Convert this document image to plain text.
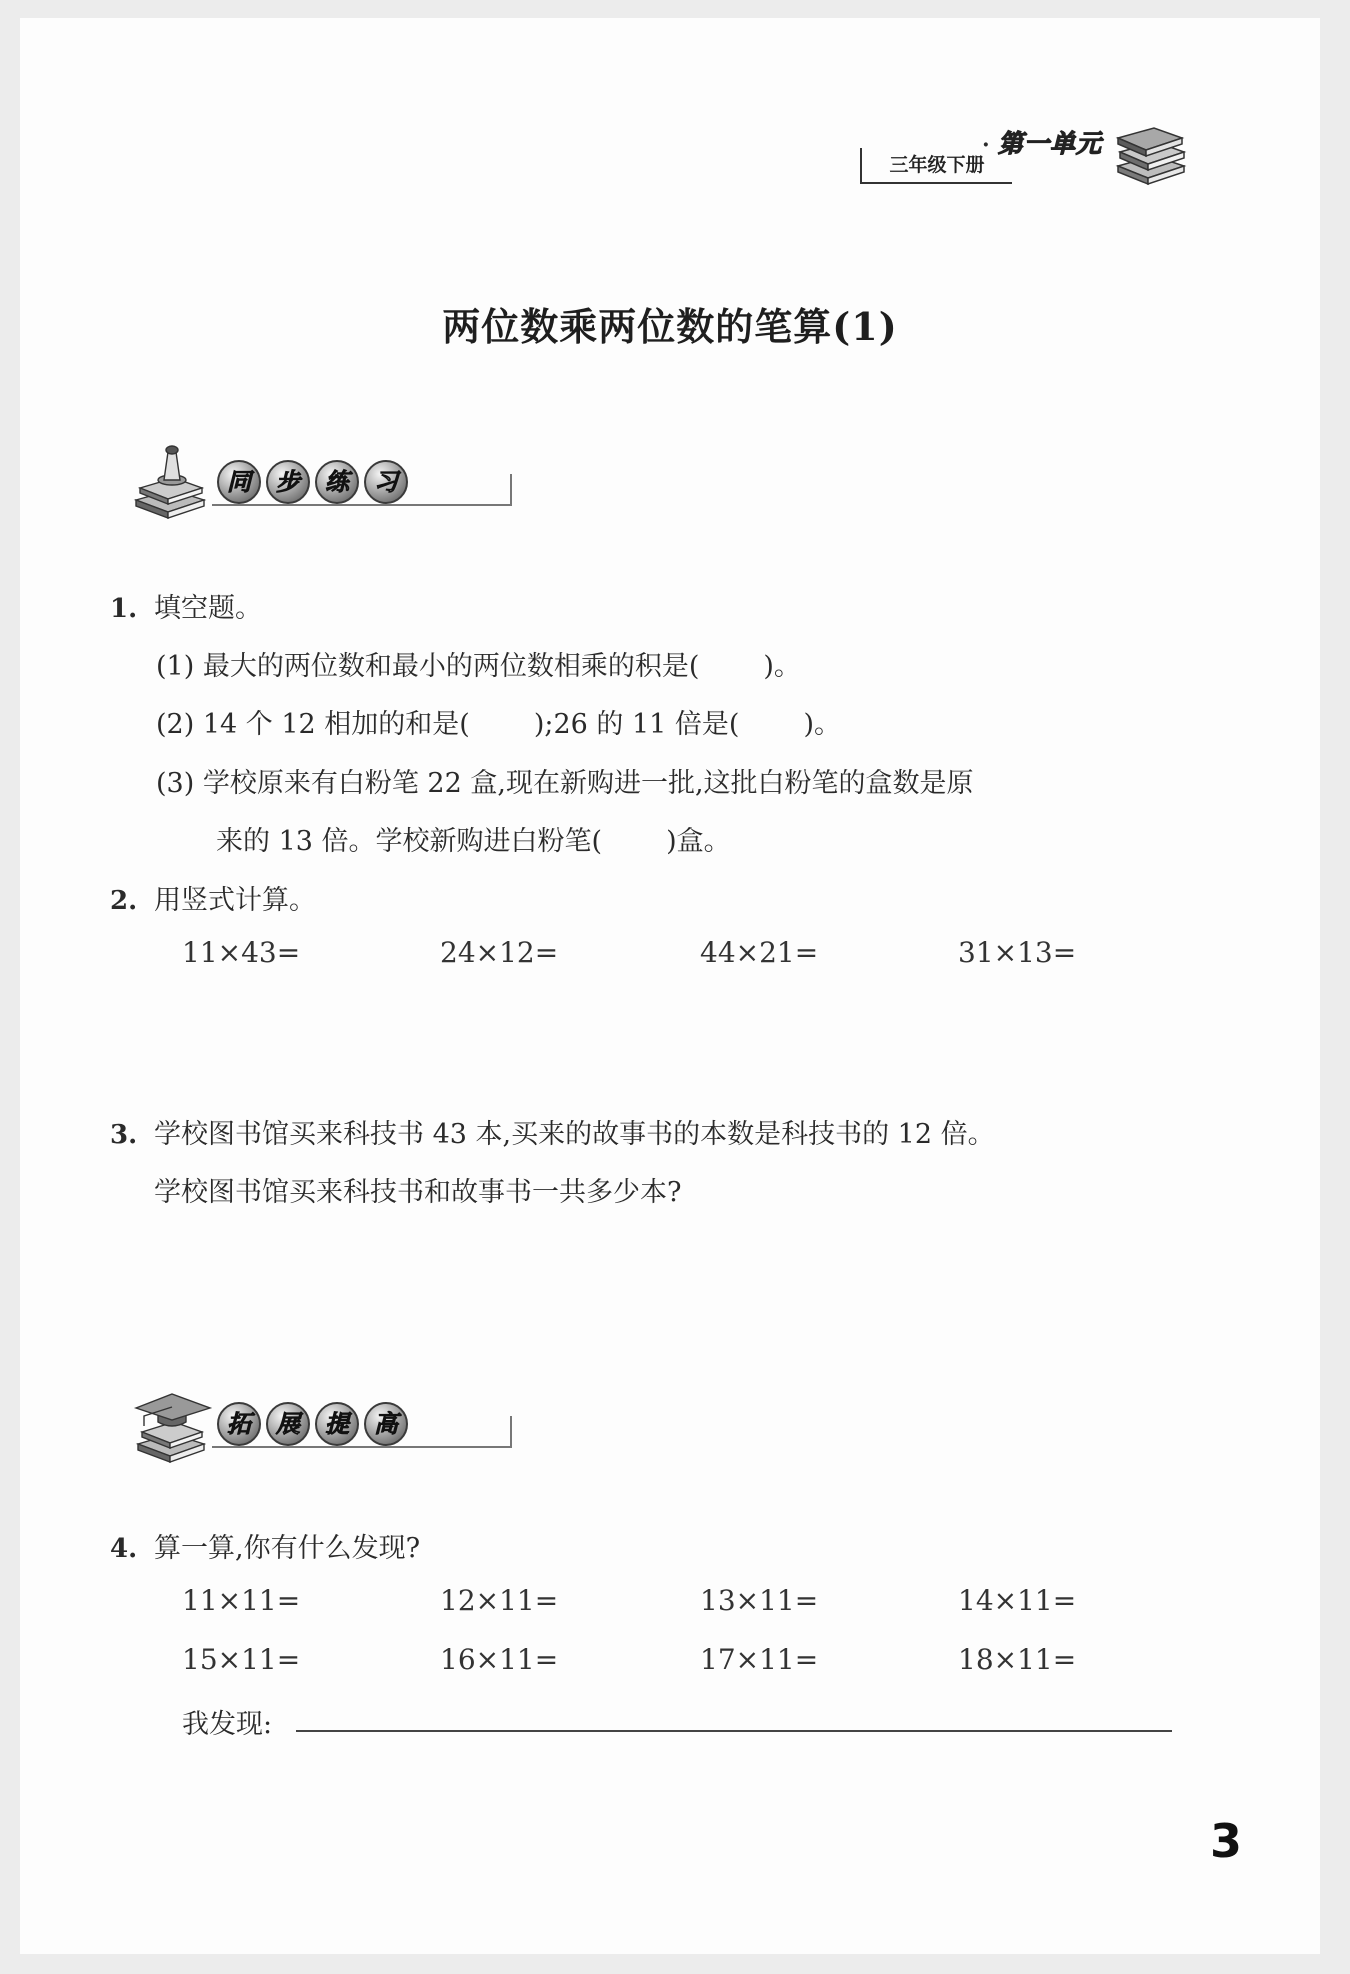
三年级下册
· 第一单元
两位数乘两位数的笔算(1)
同	步	练	习
1. 填空题。
(1) 最大的两位数和最小的两位数相乘的积是( )。
(2) 14 个 12 相加的和是( );26 的 11 倍是( )。
(3) 学校原来有白粉笔 22 盒,现在新购进一批,这批白粉笔的盒数是原
来的 13 倍。学校新购进白粉笔( )盒。
2. 用竖式计算。
11×43=	24×12=	44×21=	31×13=
3. 学校图书馆买来科技书 43 本,买来的故事书的本数是科技书的 12 倍。
学校图书馆买来科技书和故事书一共多少本?
拓	展	提	高
4. 算一算,你有什么发现?
11×11=	12×11=	13×11=	14×11=
15×11=	16×11=	17×11=	18×11=
我发现:
3
